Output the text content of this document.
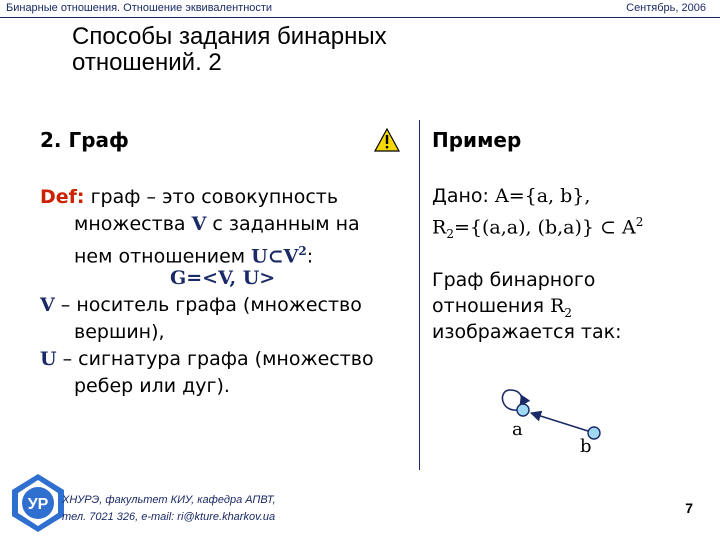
Бинарные отношения. Отношение эквивалентности	Сентябрь, 2006
Способы задания бинарных
отношений. 2
2. Граф	Пример
Def: граф – это совокупность
множества V с заданным на
нем отношением $U\subset V^2$:
G=<V, U>
V – носитель графа (множество
вершин),
U – сигнатура графа (множество
ребер или дуг).
Дано: A={a, b},
$R_2=\{(a,a)$, (b,a)} ⊂ $A^2$
Граф бинарного
отношения $R_2$
изображается так:
a
b
УР ХНУРЭ, факультет КИУ, кафедра АПВТ,
тел. 7021 326, e-mail: ri@kture.kharkov.ua
7
